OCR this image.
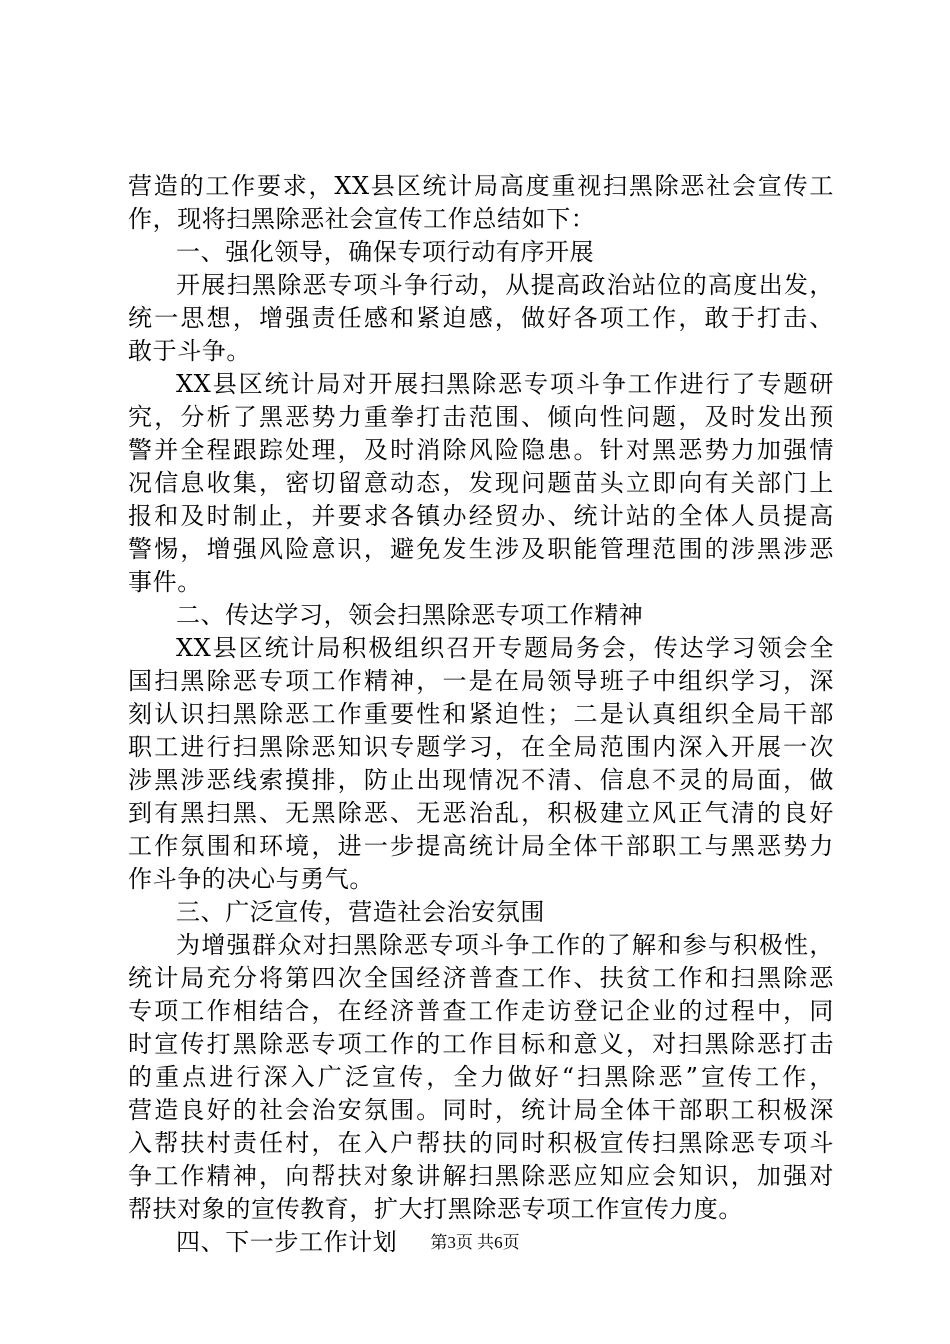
营造的工作要求，XX县区统计局高度重视扫黑除恶社会宣传工
作，现将扫黑除恶社会宣传工作总结如下：
一、强化领导，确保专项行动有序开展
开展扫黑除恶专项斗争行动，从提高政治站位的高度出发，
统一思想，增强责任感和紧迫感，做好各项工作，敢于打击、
敢于斗争。
XX县区统计局对开展扫黑除恶专项斗争工作进行了专题研
究，分析了黑恶势力重拳打击范围、倾向性问题，及时发出预
警并全程跟踪处理，及时消除风险隐患。针对黑恶势力加强情
况信息收集，密切留意动态，发现问题苗头立即向有关部门上
报和及时制止，并要求各镇办经贸办、统计站的全体人员提高
警惕，增强风险意识，避免发生涉及职能管理范围的涉黑涉恶
事件。
二、传达学习，领会扫黑除恶专项工作精神
XX县区统计局积极组织召开专题局务会，传达学习领会全
国扫黑除恶专项工作精神，一是在局领导班子中组织学习，深
刻认识扫黑除恶工作重要性和紧迫性；二是认真组织全局干部
职工进行扫黑除恶知识专题学习，在全局范围内深入开展一次
涉黑涉恶线索摸排，防止出现情况不清、信息不灵的局面，做
到有黑扫黑、无黑除恶、无恶治乱，积极建立风正气清的良好
工作氛围和环境，进一步提高统计局全体干部职工与黑恶势力
作斗争的决心与勇气。
三、广泛宣传，营造社会治安氛围
为增强群众对扫黑除恶专项斗争工作的了解和参与积极性，
统计局充分将第四次全国经济普查工作、扶贫工作和扫黑除恶
专项工作相结合，在经济普查工作走访登记企业的过程中，同
时宣传打黑除恶专项工作的工作目标和意义，对扫黑除恶打击
的重点进行深入广泛宣传，全力做好“扫黑除恶”宣传工作，
营造良好的社会治安氛围。同时，统计局全体干部职工积极深
入帮扶村责任村，在入户帮扶的同时积极宣传扫黑除恶专项斗
争工作精神，向帮扶对象讲解扫黑除恶应知应会知识，加强对
帮扶对象的宣传教育，扩大打黑除恶专项工作宣传力度。
四、下一步工作计划	第3页 共6页
